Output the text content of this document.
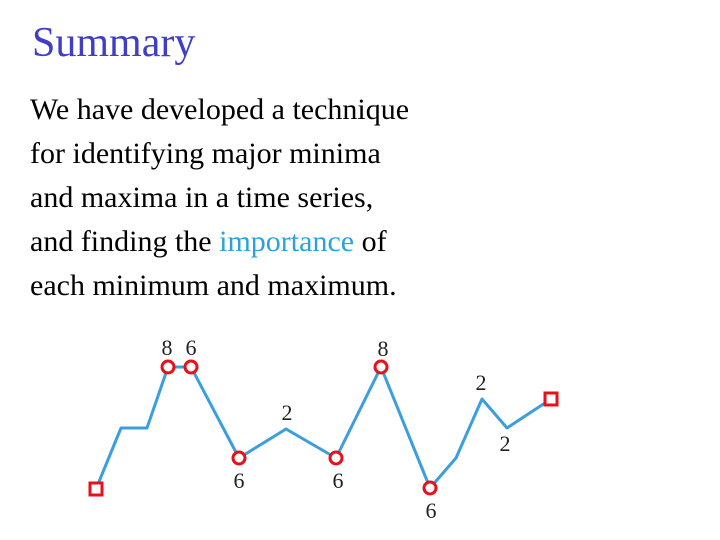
Summary
We have developed a technique
for identifying major minima
and maxima in a time series,
and finding the importance of
each minimum and maximum.
8 6	8
2
2
6	6
6
2
